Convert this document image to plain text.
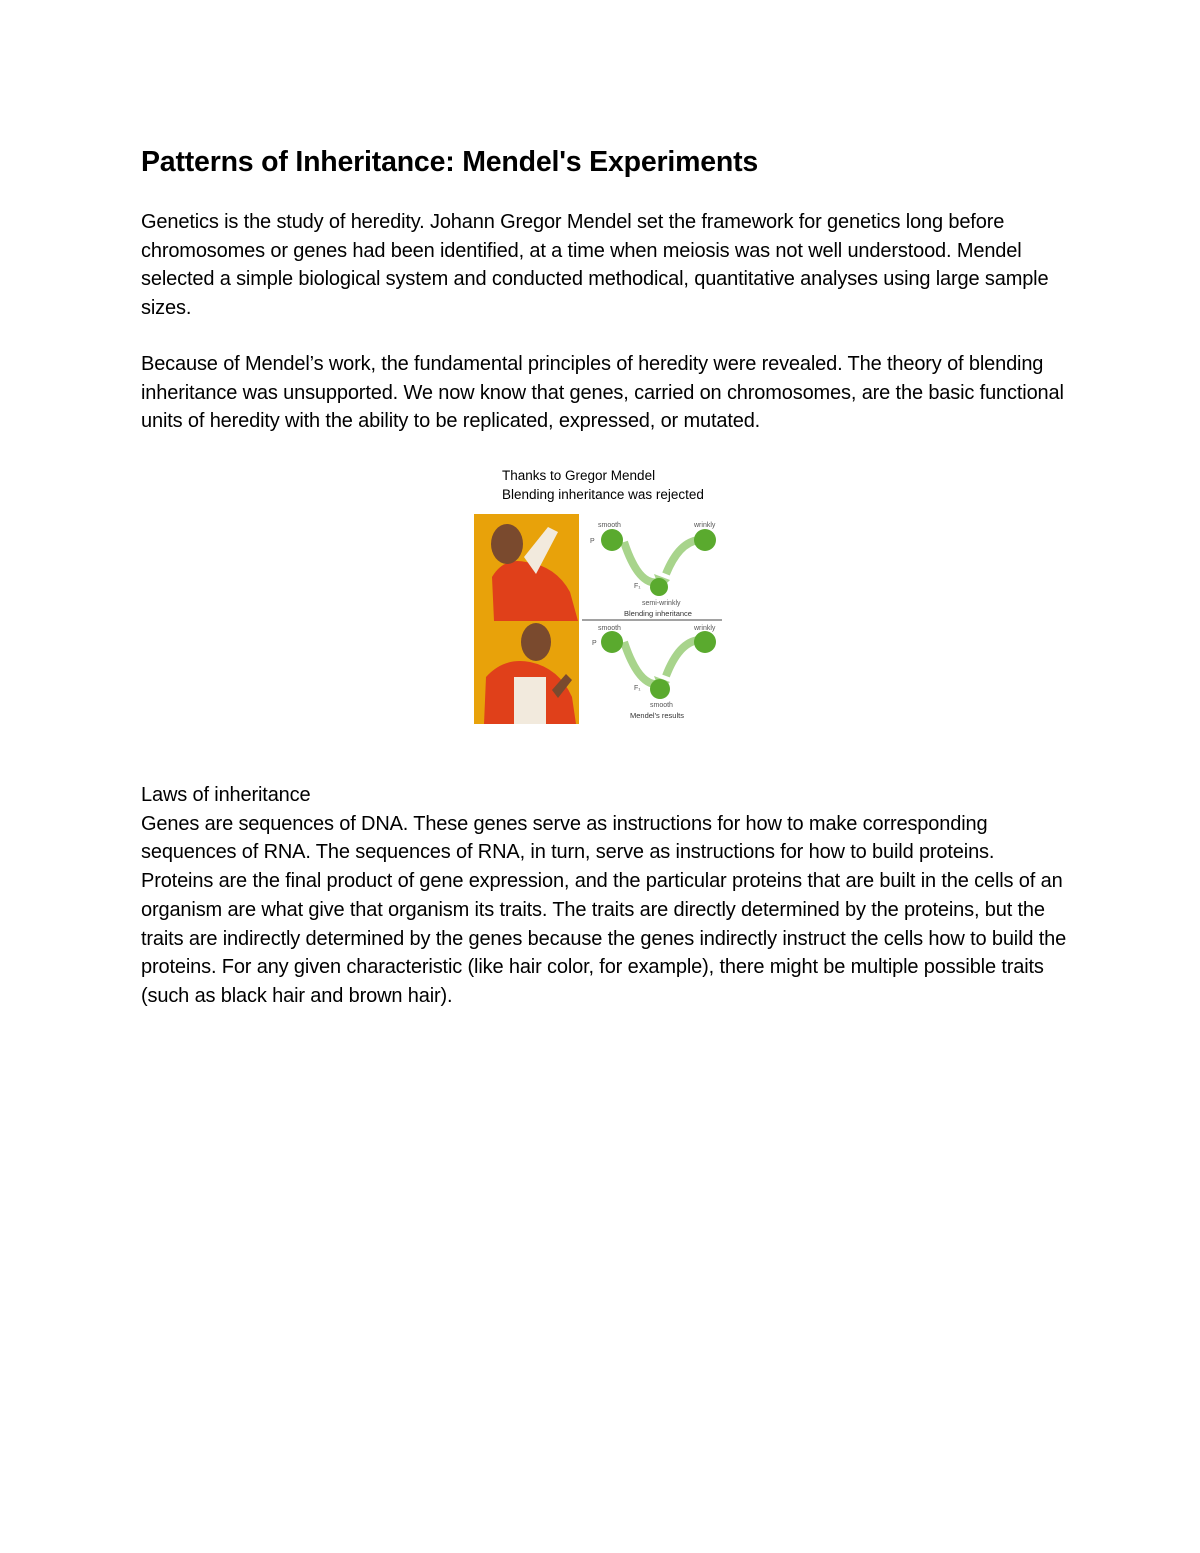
Patterns of Inheritance: Mendel's Experiments

Genetics is the study of heredity. Johann Gregor Mendel set the framework for genetics long before chromosomes or genes had been identified, at a time when meiosis was not well understood. Mendel selected a simple biological system and conducted methodical, quantitative analyses using large sample sizes.

Because of Mendel’s work, the fundamental principles of heredity were revealed. The theory of blending inheritance was unsupported. We now know that genes, carried on chromosomes, are the basic functional units of heredity with the ability to be replicated, expressed, or mutated.

Thanks to Gregor Mendel
Blending inheritance was rejected
smooth	wrinkly
P
F₁
semi-wrinkly
Blending inheritance
smooth	wrinkly
P
F₁
smooth
Mendel's results

Laws of inheritance

Genes are sequences of DNA. These genes serve as instructions for how to make corresponding sequences of RNA. The sequences of RNA, in turn, serve as instructions for how to build proteins. Proteins are the final product of gene expression, and the particular proteins that are built in the cells of an organism are what give that organism its traits. The traits are directly determined by the proteins, but the traits are indirectly determined by the genes because the genes indirectly instruct the cells how to build the proteins. For any given characteristic (like hair color, for example), there might be multiple possible traits (such as black hair and brown hair).
